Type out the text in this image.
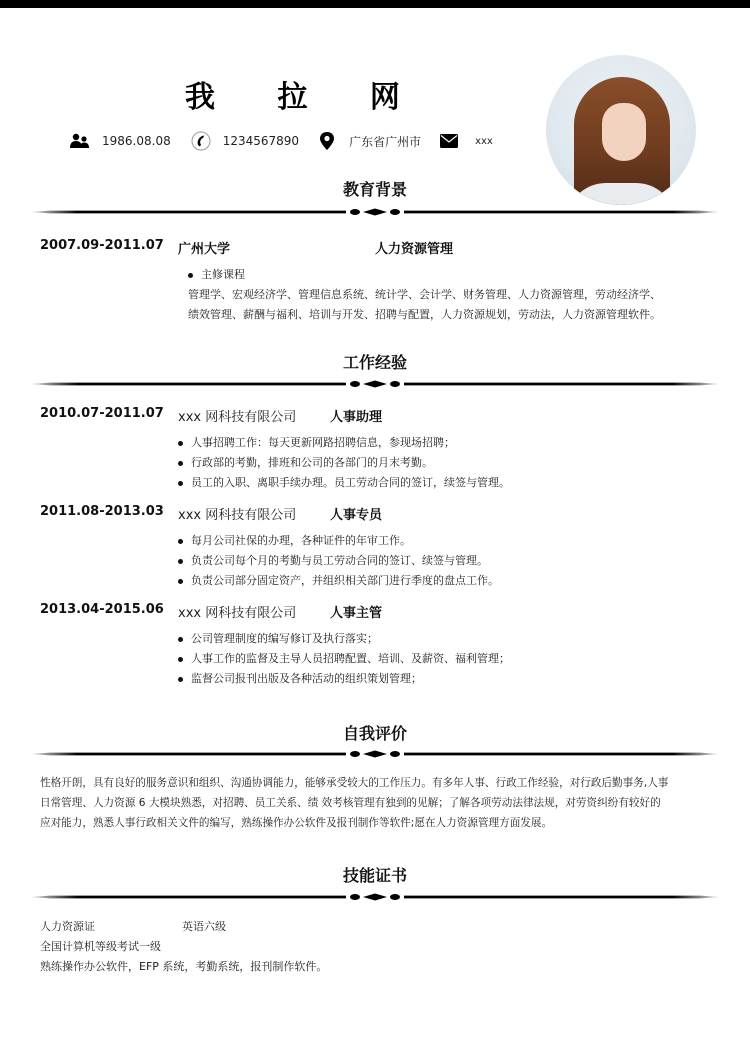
我 拉 网
1986.08.08	1234567890	广东省广州市	xxx
教育背景
2007.09-2011.07 广州大学	人力资源管理
主修课程
管理学、宏观经济学、管理信息系统、统计学、会计学、财务管理、人力资源管理，劳动经济学、
绩效管理、薪酬与福利、培训与开发、招聘与配置，人力资源规划，劳动法，人力资源管理软件。
工作经验
2010.07-2011.07 xxx 网科技有限公司	人事助理
人事招聘工作：每天更新网路招聘信息，参现场招聘；
行政部的考勤，排班和公司的各部门的月末考勤。
员工的入职、离职手续办理。员工劳动合同的签订，续签与管理。
2011.08-2013.03 xxx 网科技有限公司	人事专员
每月公司社保的办理，各种证件的年审工作。
负责公司每个月的考勤与员工劳动合同的签订、续签与管理。
负责公司部分固定资产，并组织相关部门进行季度的盘点工作。
2013.04-2015.06 xxx 网科技有限公司	人事主管
公司管理制度的编写修订及执行落实；
人事工作的监督及主导人员招聘配置、培训、及薪资、福利管理；
监督公司报刊出版及各种活动的组织策划管理；
自我评价
性格开朗，具有良好的服务意识和组织、沟通协调能力，能够承受较大的工作压力。有多年人事、行政工作经验，对行政后勤事务,人事
日常管理、人力资源 6 大模块熟悉，对招聘、员工关系、绩 效考核管理有独到的见解；了解各项劳动法律法规，对劳资纠纷有较好的
应对能力，熟悉人事行政相关文件的编写，熟练操作办公软件及报刊制作等软件;愿在人力资源管理方面发展。
技能证书
人力资源证	英语六级
全国计算机等级考试一级
熟练操作办公软件，EFP 系统，考勤系统，报刊制作软件。
